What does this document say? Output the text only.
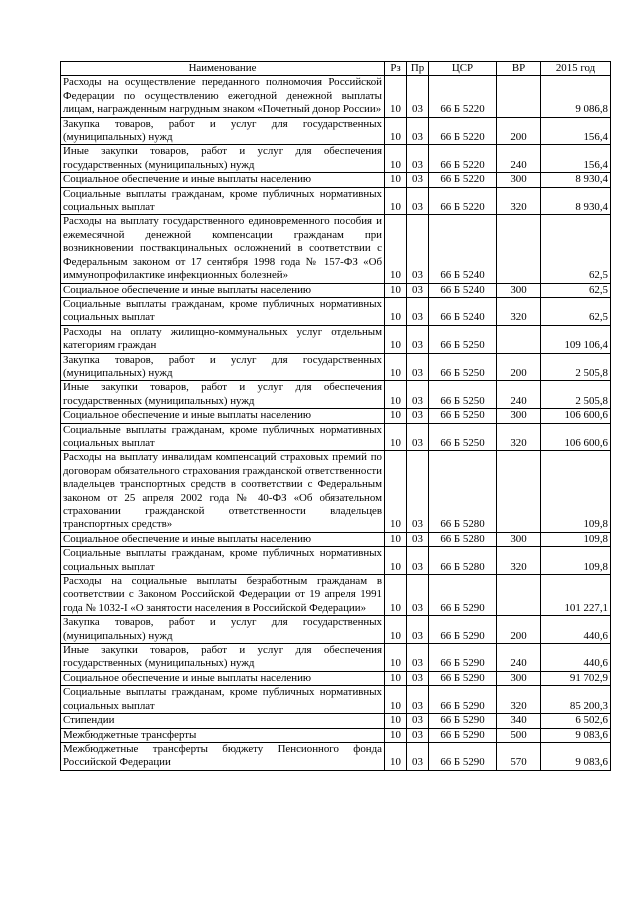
Наименование	Рз	Пр	ЦСР	ВР	2015 год
Расходы на осуществление переданного полномочия Российской Федерации по осуществлению ежегодной денежной выплаты лицам, награжденным нагрудным знаком «Почетный донор России»	10	03	66 Б 5220		9 086,8
Закупка товаров, работ и услуг для государственных (муниципальных) нужд	10	03	66 Б 5220	200	156,4
Иные закупки товаров, работ и услуг для обеспечения государственных (муниципальных) нужд	10	03	66 Б 5220	240	156,4
Социальное обеспечение и иные выплаты населению	10	03	66 Б 5220	300	8 930,4
Социальные выплаты гражданам, кроме публичных нормативных социальных выплат	10	03	66 Б 5220	320	8 930,4
Расходы на выплату государственного единовременного пособия и ежемесячной денежной компенсации гражданам при возникновении поствакцинальных осложнений в соответствии с Федеральным законом от 17 сентября 1998 года № 157-ФЗ «Об иммунопрофилактике инфекционных болезней»	10	03	66 Б 5240		62,5
Социальное обеспечение и иные выплаты населению	10	03	66 Б 5240	300	62,5
Социальные выплаты гражданам, кроме публичных нормативных социальных выплат	10	03	66 Б 5240	320	62,5
Расходы на оплату жилищно-коммунальных услуг отдельным категориям граждан	10	03	66 Б 5250		109 106,4
Закупка товаров, работ и услуг для государственных (муниципальных) нужд	10	03	66 Б 5250	200	2 505,8
Иные закупки товаров, работ и услуг для обеспечения государственных (муниципальных) нужд	10	03	66 Б 5250	240	2 505,8
Социальное обеспечение и иные выплаты населению	10	03	66 Б 5250	300	106 600,6
Социальные выплаты гражданам, кроме публичных нормативных социальных выплат	10	03	66 Б 5250	320	106 600,6
Расходы на выплату инвалидам компенсаций страховых премий по договорам обязательного страхования гражданской ответственности владельцев транспортных средств в соответствии с Федеральным законом от 25 апреля 2002 года № 40-ФЗ «Об обязательном страховании гражданской ответственности владельцев транспортных средств»	10	03	66 Б 5280		109,8
Социальное обеспечение и иные выплаты населению	10	03	66 Б 5280	300	109,8
Социальные выплаты гражданам, кроме публичных нормативных социальных выплат	10	03	66 Б 5280	320	109,8
Расходы на социальные выплаты безработным гражданам в соответствии с Законом Российской Федерации от 19 апреля 1991 года № 1032-I «О занятости населения в Российской Федерации»	10	03	66 Б 5290		101 227,1
Закупка товаров, работ и услуг для государственных (муниципальных) нужд	10	03	66 Б 5290	200	440,6
Иные закупки товаров, работ и услуг для обеспечения государственных (муниципальных) нужд	10	03	66 Б 5290	240	440,6
Социальное обеспечение и иные выплаты населению	10	03	66 Б 5290	300	91 702,9
Социальные выплаты гражданам, кроме публичных нормативных социальных выплат	10	03	66 Б 5290	320	85 200,3
Стипендии	10	03	66 Б 5290	340	6 502,6
Межбюджетные трансферты	10	03	66 Б 5290	500	9 083,6
Межбюджетные трансферты бюджету Пенсионного фонда Российской Федерации	10	03	66 Б 5290	570	9 083,6
